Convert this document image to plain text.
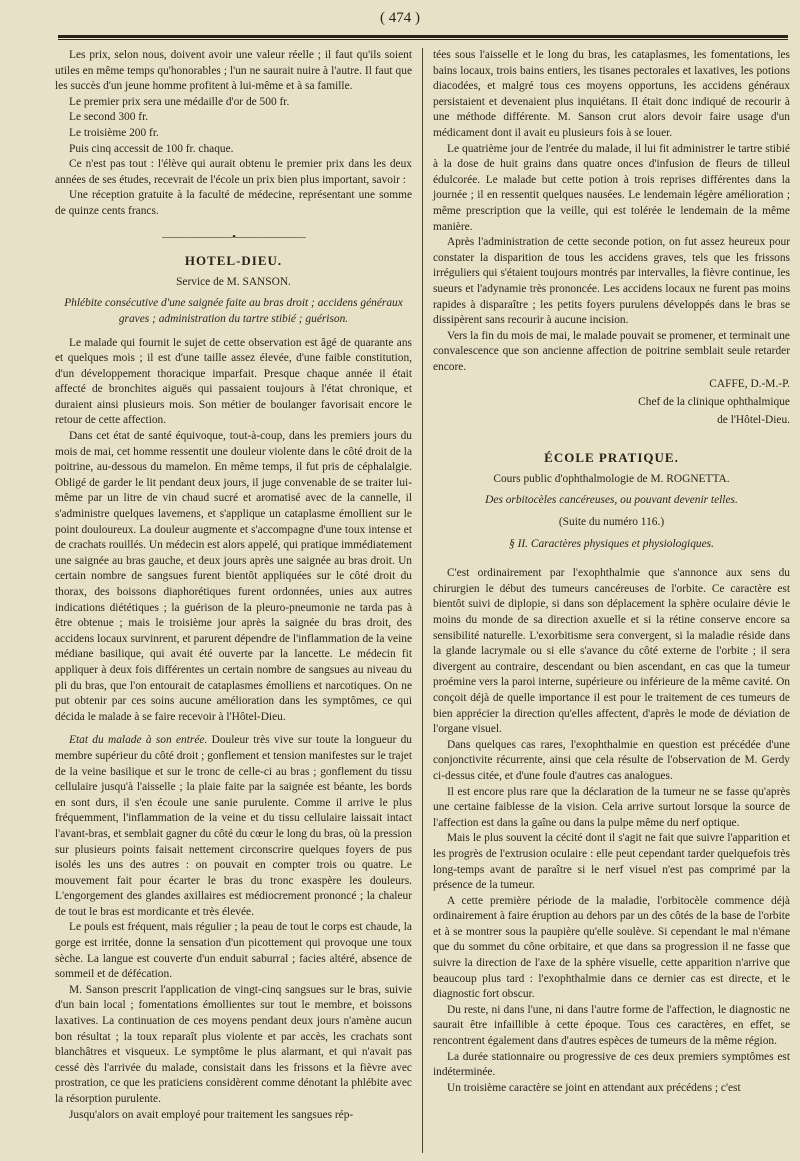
( 474 )

Les prix, selon nous, doivent avoir une valeur réelle ; il faut qu'ils soient utiles en même temps qu'honorables ; l'un ne saurait nuire à l'autre. Il faut que les succès d'un jeune homme profitent à lui-même et à sa famille.

Le premier prix sera une médaille d'or de 500 fr.

Le second 300 fr.

Le troisième 200 fr.

Puis cinq accessit de 100 fr. chaque.

Ce n'est pas tout : l'élève qui aurait obtenu le premier prix dans les deux années de ses études, recevrait de l'école un prix bien plus important, savoir :

Une réception gratuite à la faculté de médecine, représentant une somme de quinze cents francs.

———————•———————
HOTEL-DIEU.
Service de M. SANSON.

Phlébite consécutive d'une saignée faite au bras droit ; accidens généraux graves ; administration du tartre stibié ; guérison.

Le malade qui fournit le sujet de cette observation est âgé de quarante ans et quelques mois ; il est d'une taille assez élevée, d'une faible constitution, d'un développement thoracique imparfait. Presque chaque année il était affecté de bronchites aiguës qui passaient toujours à l'état chronique, et duraient ainsi plusieurs mois. Son métier de boulanger favorisait encore le retour de cette affection.

Dans cet état de santé équivoque, tout-à-coup, dans les premiers jours du mois de mai, cet homme ressentit une douleur violente dans le côté droit de la poitrine, au-dessous du mamelon. En même temps, il fut pris de céphalalgie. Obligé de garder le lit pendant deux jours, il juge convenable de se traiter lui-même par un litre de vin chaud sucré et aromatisé avec de la cannelle, il s'administre quelques lavemens, et s'applique un cataplasme émollient sur le point douloureux. La douleur augmente et s'accompagne d'une toux intense et de crachats rouillés. Un médecin est alors appelé, qui pratique immédiatement une saignée au bras gauche, et deux jours après une saignée au bras droit. Un certain nombre de sangsues furent bientôt appliquées sur le côté droit du thorax, des boissons diaphorétiques furent ordonnées, unies aux autres indications diététiques ; la guérison de la pleuro-pneumonie ne tarda pas à être obtenue ; mais le troisième jour après la saignée du bras droit, des accidens locaux survinrent, et parurent dépendre de l'inflammation de la veine médiane basilique, qui avait été ouverte par la lancette. Le médecin fit appliquer à deux fois différentes un certain nombre de sangsues au niveau du pli du bras, que l'on entourait de cataplasmes émolliens et narcotiques. On ne put obtenir par ces soins aucune amélioration dans les symptômes, ce qui décida le malade à se faire recevoir à l'Hôtel-Dieu.

Etat du malade à son entrée. Douleur très vive sur toute la longueur du membre supérieur du côté droit ; gonflement et tension manifestes sur le trajet de la veine basilique et sur le tronc de celle-ci au bras ; gonflement du tissu cellulaire jusqu'à l'aisselle ; la plaie faite par la saignée est béante, les bords en sont durs, il s'en écoule une sanie purulente. Comme il arrive le plus fréquemment, l'inflammation de la veine et du tissu cellulaire laissait intact l'avant-bras, et semblait gagner du côté du cœur le long du bras, où la pression sur plusieurs points faisait nettement circonscrire quelques foyers de pus isolés les uns des autres : on pouvait en compter trois ou quatre. Le mouvement fait pour écarter le bras du tronc exaspère les douleurs. L'engorgement des glandes axillaires est médiocrement prononcé ; la chaleur de tout le bras est mordicante et très élevée.

Le pouls est fréquent, mais régulier ; la peau de tout le corps est chaude, la gorge est irritée, donne la sensation d'un picottement qui provoque une toux sèche. La langue est couverte d'un enduit saburral ; facies altéré, absence de sommeil et de défécation.

M. Sanson prescrit l'application de vingt-cinq sangsues sur le bras, suivie d'un bain local ; fomentations émollientes sur tout le membre, et boissons laxatives. La continuation de ces moyens pendant deux jours n'amène aucun bon résultat ; la toux reparaît plus violente et par accès, les crachats sont blanchâtres et visqueux. Le symptôme le plus alarmant, et qui n'avait pas cessé dès l'arrivée du malade, consistait dans les frissons et la fièvre avec prostration, ce que les praticiens considèrent comme dénotant la phlébite avec la résorption purulente.

Jusqu'alors on avait employé pour traitement les sangsues rép-

tées sous l'aisselle et le long du bras, les cataplasmes, les fomentations, les bains locaux, trois bains entiers, les tisanes pectorales et laxatives, les potions diacodées, et malgré tous ces moyens opportuns, les accidens généraux persistaient et devenaient plus inquiétans. Il était donc indiqué de recourir à une méthode différente. M. Sanson crut alors devoir faire usage d'un médicament dont il avait eu plusieurs fois à se louer.

Le quatrième jour de l'entrée du malade, il lui fit administrer le tartre stibié à la dose de huit grains dans quatre onces d'infusion de fleurs de tilleul édulcorée. Le malade but cette potion à trois reprises différentes dans la journée ; il en ressentit quelques nausées. Le lendemain légère amélioration ; même prescription que la veille, qui est tolérée le lendemain de la même manière.

Après l'administration de cette seconde potion, on fut assez heureux pour constater la disparition de tous les accidens graves, tels que les frissons irréguliers qui s'étaient toujours montrés par intervalles, la fièvre continue, les sueurs et l'adynamie très prononcée. Les accidens locaux ne furent pas moins rapides à disparaître ; les petits foyers purulens développés dans le bras se dissipèrent sans recourir à aucune incision.

Vers la fin du mois de mai, le malade pouvait se promener, et terminait une convalescence que son ancienne affection de poitrine semblait seule retarder encore.

CAFFE, D.-M.-P.

Chef de la clinique ophthalmique

de l'Hôtel-Dieu.

ÉCOLE PRATIQUE.
Cours public d'ophthalmologie de M. ROGNETTA.
Des orbitocèles cancéreuses, ou pouvant devenir telles.
(Suite du numéro 116.)
§ II. Caractères physiques et physiologiques.

C'est ordinairement par l'exophthalmie que s'annonce aux sens du chirurgien le début des tumeurs cancéreuses de l'orbite. Ce caractère est bientôt suivi de diplopie, si dans son déplacement la sphère oculaire dévie le moins du monde de sa direction axuelle et si la rétine conserve encore sa sensibilité naturelle. L'exorbitisme sera convergent, si la maladie réside dans la glande lacrymale ou si elle s'avance du côté externe de l'orbite ; il sera divergent au contraire, descendant ou bien ascendant, en cas que la tumeur proémine vers la paroi interne, supérieure ou inférieure de la même cavité. On conçoit déjà de quelle importance il est pour le traitement de ces tumeurs de bien apprécier la direction qu'elles affectent, d'après le mode de déviation de l'organe visuel.

Dans quelques cas rares, l'exophthalmie en question est précédée d'une conjonctivite récurrente, ainsi que cela résulte de l'observation de M. Gerdy ci-dessus citée, et d'une foule d'autres cas analogues.

Il est encore plus rare que la déclaration de la tumeur ne se fasse qu'après une certaine faiblesse de la vision. Cela arrive surtout lorsque la source de l'affection est dans la gaîne ou dans la pulpe même du nerf optique.

Mais le plus souvent la cécité dont il s'agit ne fait que suivre l'apparition et les progrès de l'extrusion oculaire : elle peut cependant tarder quelquefois très long-temps avant de paraître si le nerf visuel n'est pas comprimé par la présence de la tumeur.

A cette première période de la maladie, l'orbitocèle commence déjà ordinairement à faire éruption au dehors par un des côtés de la base de l'orbite et à se montrer sous la paupière qu'elle soulève. Si cependant le mal n'émane que du sommet du cône orbitaire, et que dans sa progression il ne fasse que suivre la direction de l'axe de la sphère visuelle, cette apparition n'arrive que beaucoup plus tard : l'exophthalmie dans ce dernier cas est directe, et le diagnostic fort obscur.

Du reste, ni dans l'une, ni dans l'autre forme de l'affection, le diagnostic ne saurait être infaillible à cette époque. Tous ces caractères, en effet, se rencontrent également dans d'autres espèces de tumeurs de la même région.

La durée stationnaire ou progressive de ces deux premiers symptômes est indéterminée.

Un troisième caractère se joint en attendant aux précédens ; c'est
